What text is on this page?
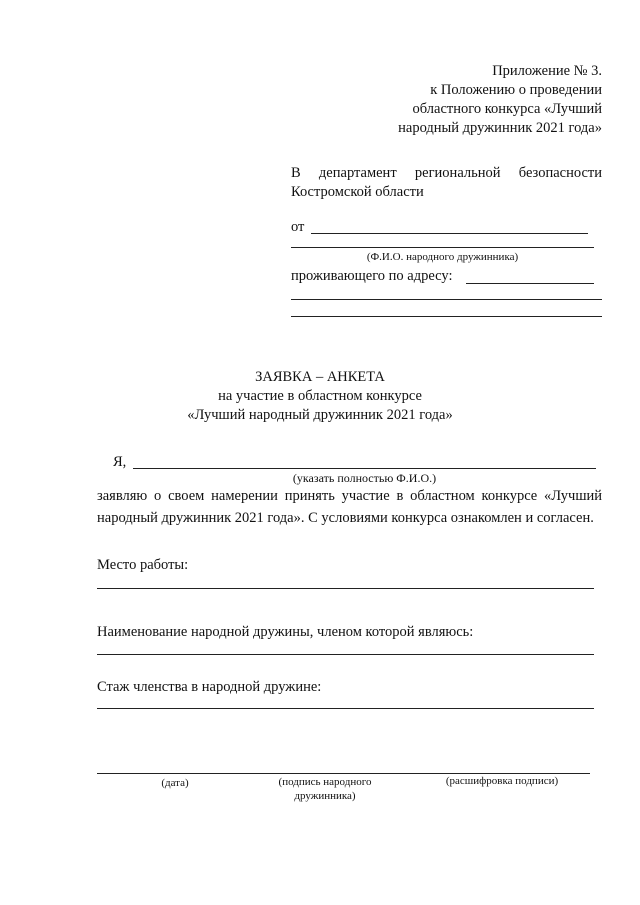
Приложение № 3.
к Положению о проведении
областного конкурса «Лучший
народный дружинник 2021 года»
В департамент региональной безопасности
Костромской области
от
(Ф.И.О. народного дружинника)
проживающего по адресу:
ЗАЯВКА – АНКЕТА
на участие в областном конкурсе
«Лучший народный дружинник 2021 года»
Я,
(указать полностью Ф.И.О.)
заявляю о своем намерении принять участие в областном конкурсе «Лучший народный дружинник 2021 года». С условиями конкурса ознакомлен и согласен.
Место работы:
Наименование народной дружины, членом которой являюсь:
Стаж членства в народной дружине:
(дата)	(подпись народного
дружинника)
(расшифровка подписи)
